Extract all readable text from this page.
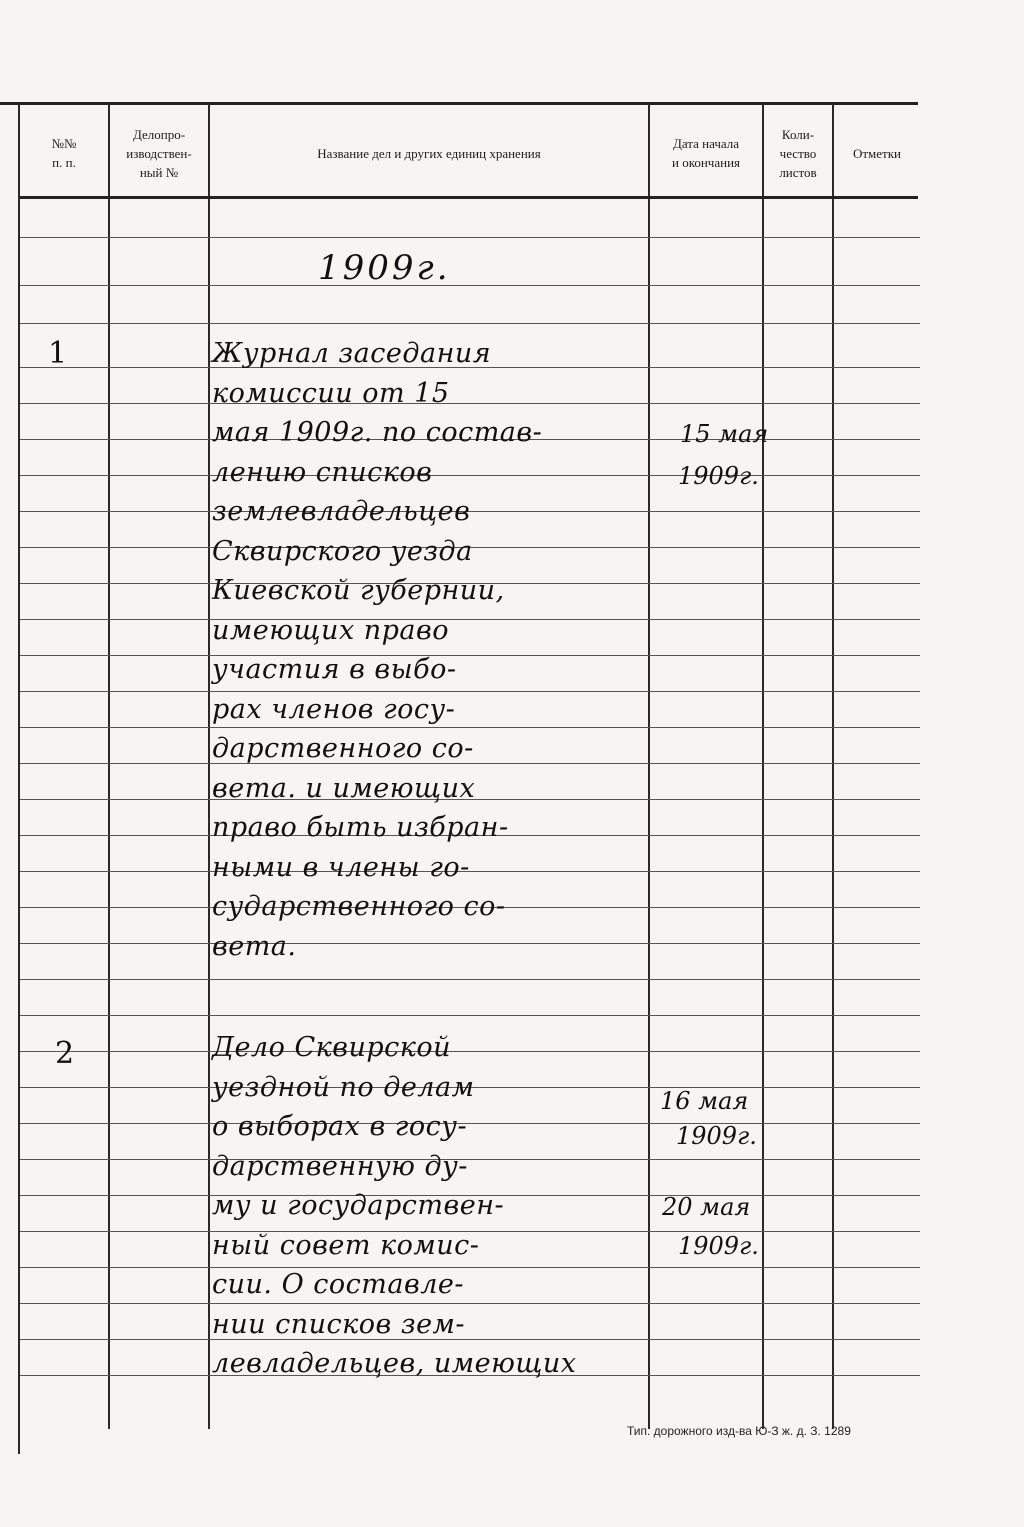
№№
п. п.
Делопро-
изводствен-
ный №
Название дел и других единиц хранения
Дата начала
и окончания
Коли-
чество
листов
Отметки
1909г.
1	Журнал заседания
комиссии от 15
мая 1909г. по состав-
лению списков
землевладельцев
Сквирского уезда
Киевской губернии,
имеющих право
участия в выбо-
рах членов госу-
дарственного со-
вета. и имеющих
право быть избран-
ными в члены го-
сударственного со-
вета.
15 мая
1909г.
2	Дело Сквирской
уездной по делам
о выборах в госу-
дарственную ду-
му и государствен-
ный совет комис-
сии. О составле-
нии списков зем-
левладельцев, имеющих
16 мая
1909г.
20 мая
1909г.
Тип. дорожного изд-ва Ю-З ж. д. З. 1289
